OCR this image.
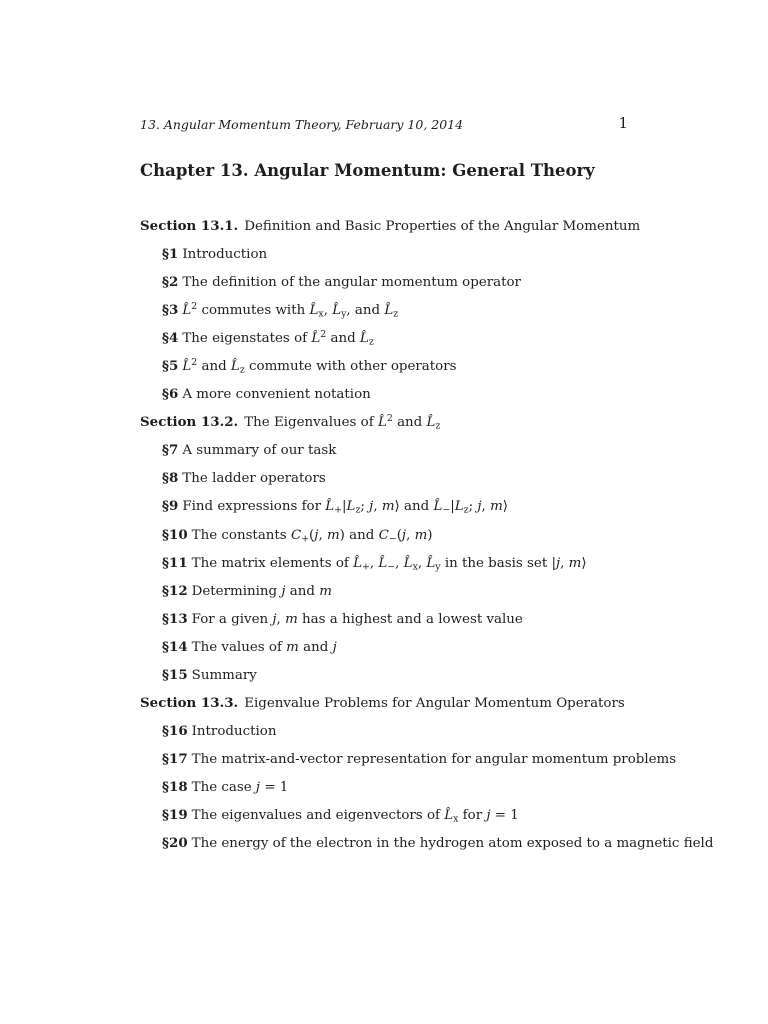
13. Angular Momentum Theory, February 10, 2014	1
Chapter 13. Angular Momentum: General Theory
Section 13.1. Definition and Basic Properties of the Angular Momentum
§1 Introduction
§2 The definition of the angular momentum operator
§3 L̂$^2$ commutes with $L̂_x$, $L̂_y$, and $L̂_z$
§4 The eigenstates of L̂$^2$ and $L̂_z$
§5 L̂$^2$ and $L̂_z$ commute with other operators
§6 A more convenient notation
Section 13.2. The Eigenvalues of L̂$^2$ and $L̂_z$
§7 A summary of our task
§8 The ladder operators
§9 Find expressions for $L̂_+|L_z$; j, m⟩ and $L̂_-|L_z$; j, m⟩
§10 The constants $C_+(j$, m) and $C_-(j$, m)
§11 The matrix elements of $L̂_+$, $L̂_-$, $L̂_x$, $L̂_y$ in the basis set |j, m⟩
§12 Determining j and m
§13 For a given j, m has a highest and a lowest value
§14 The values of m and j
§15 Summary
Section 13.3. Eigenvalue Problems for Angular Momentum Operators
§16 Introduction
§17 The matrix-and-vector representation for angular momentum problems
§18 The case j = 1
§19 The eigenvalues and eigenvectors of $L̂_x$ for j = 1
§20 The energy of the electron in the hydrogen atom exposed to a magnetic field
